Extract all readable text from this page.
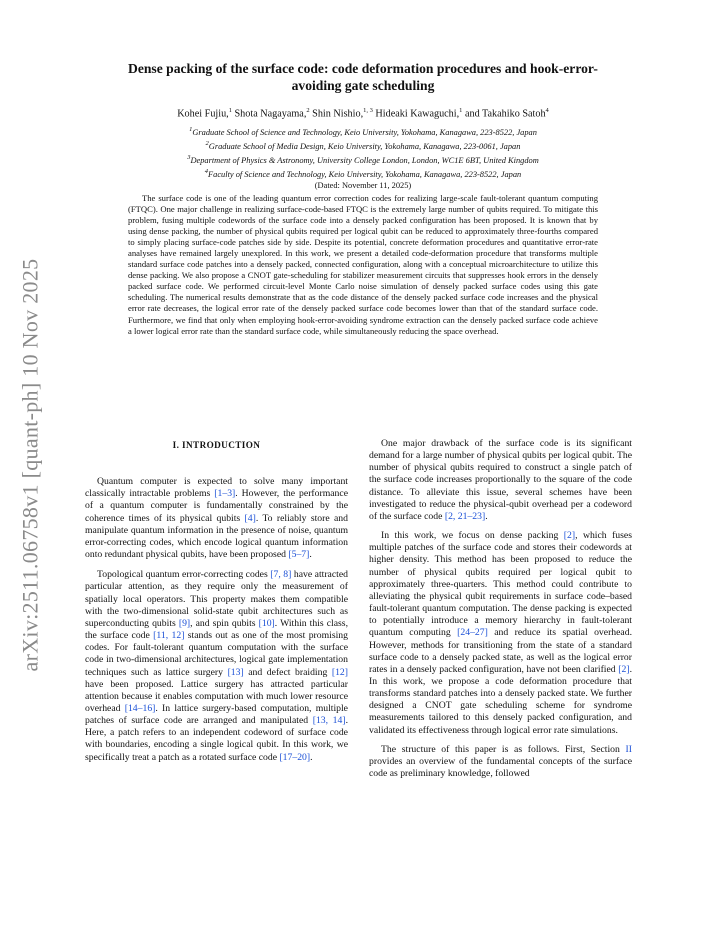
arXiv:2511.06758v1 [quant-ph] 10 Nov 2025
Dense packing of the surface code: code deformation procedures and hook-error-avoiding gate scheduling
Kohei Fujiu,$^1$ Shota Nagayama,$^2$ Shin Nishio,$^{1, 3}$ Hideaki Kawaguchi,$^1$ and Takahiko Satoh$^4$
$^1$Graduate School of Science and Technology, Keio University, Yokohama, Kanagawa, 223-8522, Japan
$^2$Graduate School of Media Design, Keio University, Yokohama, Kanagawa, 223-0061, Japan
$^3$Department of Physics & Astronomy, University College London, London, WC1E 6BT, United Kingdom
$^4$Faculty of Science and Technology, Keio University, Yokohama, Kanagawa, 223-8522, Japan
(Dated: November 11, 2025)

The surface code is one of the leading quantum error correction codes for realizing large-scale fault-tolerant quantum computing (FTQC). One major challenge in realizing surface-code-based FTQC is the extremely large number of qubits required. To mitigate this problem, fusing multiple codewords of the surface code into a densely packed configuration has been proposed. It is known that by using dense packing, the number of physical qubits required per logical qubit can be reduced to approximately three-fourths compared to simply placing surface-code patches side by side. Despite its potential, concrete deformation procedures and quantitative error-rate analyses have remained largely unexplored. In this work, we present a detailed code-deformation procedure that transforms multiple standard surface code patches into a densely packed, connected configuration, along with a conceptual microarchitecture to utilize this dense packing. We also propose a CNOT gate-scheduling for stabilizer measurement circuits that suppresses hook errors in the densely packed surface code. We performed circuit-level Monte Carlo noise simulation of densely packed surface codes using this gate scheduling. The numerical results demonstrate that as the code distance of the densely packed surface code increases and the physical error rate decreases, the logical error rate of the densely packed surface code becomes lower than that of the standard surface code. Furthermore, we find that only when employing hook-error-avoiding syndrome extraction can the densely packed surface code achieve a lower logical error rate than the standard surface code, while simultaneously reducing the space overhead.

I. INTRODUCTION

Quantum computer is expected to solve many important classically intractable problems [1–3]. However, the performance of a quantum computer is fundamentally constrained by the coherence times of its physical qubits [4]. To reliably store and manipulate quantum information in the presence of noise, quantum error-correcting codes, which encode logical quantum information onto redundant physical qubits, have been proposed [5–7].

Topological quantum error-correcting codes [7, 8] have attracted particular attention, as they require only the measurement of spatially local operators. This property makes them compatible with the two-dimensional solid-state qubit architectures such as superconducting qubits [9], and spin qubits [10]. Within this class, the surface code [11, 12] stands out as one of the most promising codes. For fault-tolerant quantum computation with the surface code in two-dimensional architectures, logical gate implementation techniques such as lattice surgery [13] and defect braiding [12] have been proposed. Lattice surgery has attracted particular attention because it enables computation with much lower resource overhead [14–16]. In lattice surgery-based computation, multiple patches of surface code are arranged and manipulated [13, 14]. Here, a patch refers to an independent codeword of surface code with boundaries, encoding a single logical qubit. In this work, we specifically treat a patch as a rotated surface code [17–20].

One major drawback of the surface code is its significant demand for a large number of physical qubits per logical qubit. The number of physical qubits required to construct a single patch of the surface code increases proportionally to the square of the code distance. To alleviate this issue, several schemes have been investigated to reduce the physical-qubit overhead per a codeword of the surface code [2, 21–23].

In this work, we focus on dense packing [2], which fuses multiple patches of the surface code and stores their codewords at higher density. This method has been proposed to reduce the number of physical qubits required per logical qubit to approximately three-quarters. This method could contribute to alleviating the physical qubit requirements in surface code–based fault-tolerant quantum computation. The dense packing is expected to potentially introduce a memory hierarchy in fault-tolerant quantum computing [24–27] and reduce its spatial overhead. However, methods for transitioning from the state of a standard surface code to a densely packed state, as well as the logical error rates in a densely packed configuration, have not been clarified [2]. In this work, we propose a code deformation procedure that transforms standard patches into a densely packed state. We further designed a CNOT gate scheduling scheme for syndrome measurements tailored to this densely packed configuration, and validated its effectiveness through logical error rate simulations.

The structure of this paper is as follows. First, Section II provides an overview of the fundamental concepts of the surface code as preliminary knowledge, followed
